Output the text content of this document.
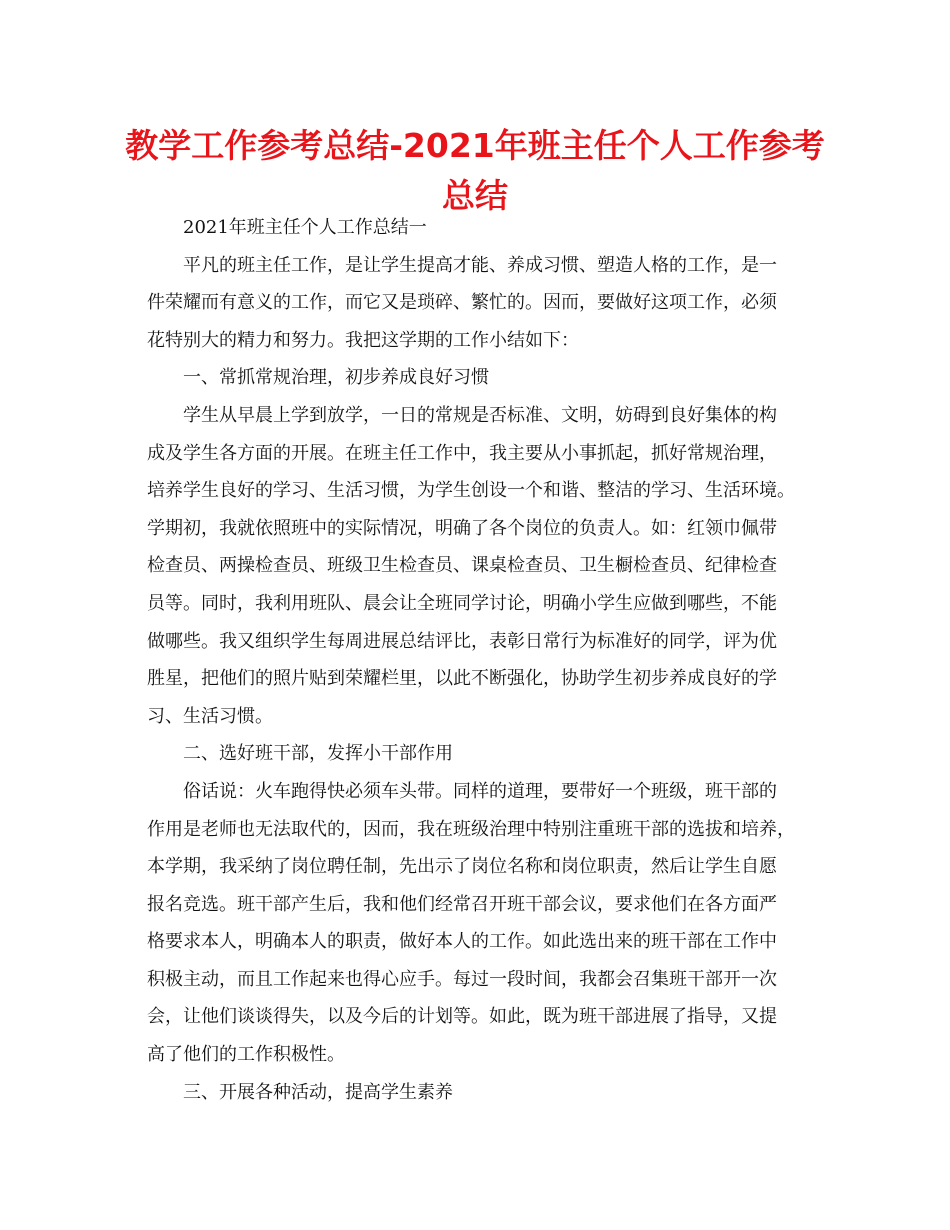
教学工作参考总结-2021年班主任个人工作参考
总结
2021年班主任个人工作总结一
平凡的班主任工作，是让学生提高才能、养成习惯、塑造人格的工作，是一
件荣耀而有意义的工作，而它又是琐碎、繁忙的。因而，要做好这项工作，必须
花特别大的精力和努力。我把这学期的工作小结如下：
一、常抓常规治理，初步养成良好习惯
学生从早晨上学到放学，一日的常规是否标准、文明，妨碍到良好集体的构
成及学生各方面的开展。在班主任工作中，我主要从小事抓起，抓好常规治理，
培养学生良好的学习、生活习惯，为学生创设一个和谐、整洁的学习、生活环境。
学期初，我就依照班中的实际情况，明确了各个岗位的负责人。如：红领巾佩带
检查员、两操检查员、班级卫生检查员、课桌检查员、卫生橱检查员、纪律检查
员等。同时，我利用班队、晨会让全班同学讨论，明确小学生应做到哪些，不能
做哪些。我又组织学生每周进展总结评比，表彰日常行为标准好的同学，评为优
胜星，把他们的照片贴到荣耀栏里，以此不断强化，协助学生初步养成良好的学
习、生活习惯。
二、选好班干部，发挥小干部作用
俗话说：火车跑得快必须车头带。同样的道理，要带好一个班级，班干部的
作用是老师也无法取代的，因而，我在班级治理中特别注重班干部的选拔和培养，
本学期，我采纳了岗位聘任制，先出示了岗位名称和岗位职责，然后让学生自愿
报名竞选。班干部产生后，我和他们经常召开班干部会议，要求他们在各方面严
格要求本人，明确本人的职责，做好本人的工作。如此选出来的班干部在工作中
积极主动，而且工作起来也得心应手。每过一段时间，我都会召集班干部开一次
会，让他们谈谈得失，以及今后的计划等。如此，既为班干部进展了指导，又提
高了他们的工作积极性。
三、开展各种活动，提高学生素养
